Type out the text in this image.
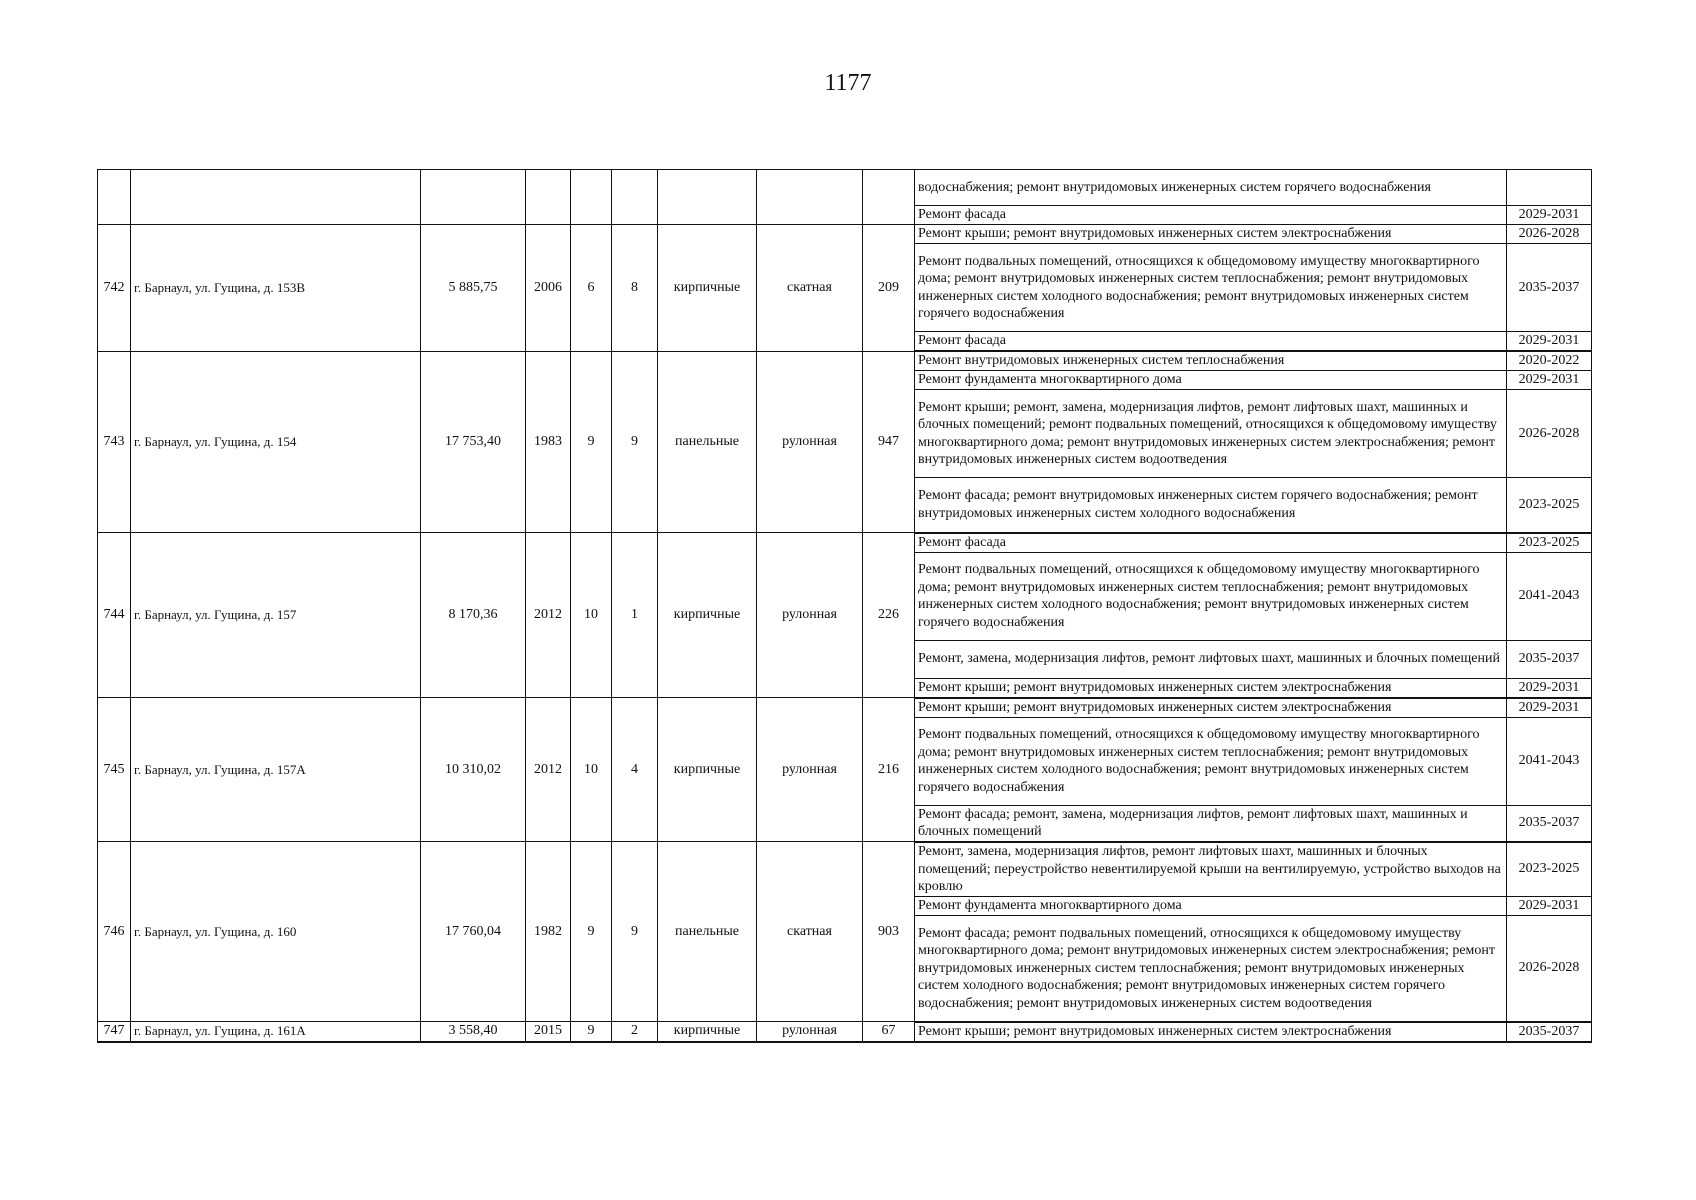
1177
									водоснабжения; ремонт внутридомовых инженерных систем горячего водоснабжения	
									Ремонт фасада	2029-2031
742	г. Барнаул, ул. Гущина, д. 153В	5 885,75	2006	6	8	кирпичные	скатная	209	Ремонт крыши; ремонт внутридомовых инженерных систем электроснабжения	2026-2028
									Ремонт подвальных помещений, относящихся к общедомовому имуществу многоквартирного дома; ремонт внутридомовых инженерных систем теплоснабжения; ремонт внутридомовых инженерных систем холодного водоснабжения; ремонт внутридомовых инженерных систем горячего водоснабжения	2035-2037
									Ремонт фасада	2029-2031
743	г. Барнаул, ул. Гущина, д. 154	17 753,40	1983	9	9	панельные	рулонная	947	Ремонт внутридомовых инженерных систем теплоснабжения	2020-2022
									Ремонт фундамента многоквартирного дома	2029-2031
									Ремонт крыши; ремонт, замена, модернизация лифтов, ремонт лифтовых шахт, машинных и блочных помещений; ремонт подвальных помещений, относящихся к общедомовому имуществу многоквартирного дома; ремонт внутридомовых инженерных систем электроснабжения; ремонт внутридомовых инженерных систем водоотведения	2026-2028
									Ремонт фасада; ремонт внутридомовых инженерных систем горячего водоснабжения; ремонт внутридомовых инженерных систем холодного водоснабжения	2023-2025
744	г. Барнаул, ул. Гущина, д. 157	8 170,36	2012	10	1	кирпичные	рулонная	226	Ремонт фасада	2023-2025
									Ремонт подвальных помещений, относящихся к общедомовому имуществу многоквартирного дома; ремонт внутридомовых инженерных систем теплоснабжения; ремонт внутридомовых инженерных систем холодного водоснабжения; ремонт внутридомовых инженерных систем горячего водоснабжения	2041-2043
									Ремонт, замена, модернизация лифтов, ремонт лифтовых шахт, машинных и блочных помещений	2035-2037
									Ремонт крыши; ремонт внутридомовых инженерных систем электроснабжения	2029-2031
745	г. Барнаул, ул. Гущина, д. 157А	10 310,02	2012	10	4	кирпичные	рулонная	216	Ремонт крыши; ремонт внутридомовых инженерных систем электроснабжения	2029-2031
									Ремонт подвальных помещений, относящихся к общедомовому имуществу многоквартирного дома; ремонт внутридомовых инженерных систем теплоснабжения; ремонт внутридомовых инженерных систем холодного водоснабжения; ремонт внутридомовых инженерных систем горячего водоснабжения	2041-2043
									Ремонт фасада; ремонт, замена, модернизация лифтов, ремонт лифтовых шахт, машинных и блочных помещений	2035-2037
746	г. Барнаул, ул. Гущина, д. 160	17 760,04	1982	9	9	панельные	скатная	903	Ремонт, замена, модернизация лифтов, ремонт лифтовых шахт, машинных и блочных помещений; переустройство невентилируемой крыши на вентилируемую, устройство выходов на кровлю	2023-2025
									Ремонт фундамента многоквартирного дома	2029-2031
									Ремонт фасада; ремонт подвальных помещений, относящихся к общедомовому имуществу многоквартирного дома; ремонт внутридомовых инженерных систем электроснабжения; ремонт внутридомовых инженерных систем теплоснабжения; ремонт внутридомовых инженерных систем холодного водоснабжения; ремонт внутридомовых инженерных систем горячего водоснабжения; ремонт внутридомовых инженерных систем водоотведения	2026-2028
747	г. Барнаул, ул. Гущина, д. 161А	3 558,40	2015	9	2	кирпичные	рулонная	67	Ремонт крыши; ремонт внутридомовых инженерных систем электроснабжения	2035-2037
